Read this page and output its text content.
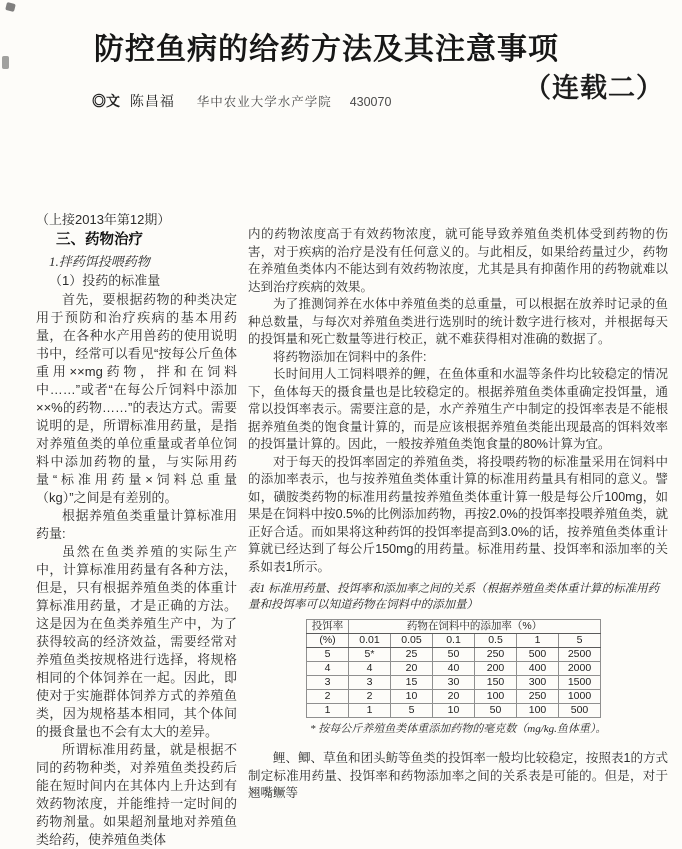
防控鱼病的给药方法及其注意事项
（连载二）
◎文 陈昌福 华中农业大学水产学院 430070

（上接2013年第12期）

三、药物治疗

1.拌药饵投喂药物

（1）投药的标准量

首先，要根据药物的种类决定用于预防和治疗疾病的基本用药量，在各种水产用兽药的使用说明书中，经常可以看见“按每公斤鱼体重用××mg药物，拌和在饲料中……”或者“在每公斤饲料中添加××%的药物……”的表达方式。需要说明的是，所谓标准用药量，是指对养殖鱼类的单位重量或者单位饲料中添加药物的量，与实际用药量“标准用药量×饲料总重量（kg）”之间是有差别的。

根据养殖鱼类重量计算标准用药量:

虽然在鱼类养殖的实际生产中，计算标准用药量有各种方法，但是，只有根据养殖鱼类的体重计算标准用药量，才是正确的方法。这是因为在鱼类养殖生产中，为了获得较高的经济效益，需要经常对养殖鱼类按规格进行选择，将规格相同的个体饲养在一起。因此，即使对于实施群体饲养方式的养殖鱼类，因为规格基本相同，其个体间的摄食量也不会有太大的差异。

所谓标准用药量，就是根据不同的药物种类，对养殖鱼类投药后能在短时间内在其体内上升达到有效药物浓度，并能维持一定时间的药物剂量。如果超剂量地对养殖鱼类给药，使养殖鱼类体

内的药物浓度高于有效药物浓度，就可能导致养殖鱼类机体受到药物的伤害，对于疾病的治疗是没有任何意义的。与此相反，如果给药量过少，药物在养殖鱼类体内不能达到有效药物浓度，尤其是具有抑菌作用的药物就难以达到治疗疾病的效果。

为了推测饲养在水体中养殖鱼类的总重量，可以根据在放养时记录的鱼种总数量，与每次对养殖鱼类进行选别时的统计数字进行核对，并根据每天的投饵量和死亡数量等进行校正，就不难获得相对准确的数据了。

将药物添加在饲料中的条件:

长时间用人工饲料喂养的鲤，在鱼体重和水温等条件均比较稳定的情况下，鱼体每天的摄食量也是比较稳定的。根据养殖鱼类体重确定投饵量，通常以投饵率表示。需要注意的是，水产养殖生产中制定的投饵率表是不能根据养殖鱼类的饱食量计算的，而是应该根据养殖鱼类能出现最高的饵料效率的投饵量计算的。因此，一般按养殖鱼类饱食量的80%计算为宜。

对于每天的投饵率固定的养殖鱼类，将投喂药物的标准量采用在饲料中的添加率表示，也与按养殖鱼类体重计算的标准用药量具有相同的意义。譬如，磺胺类药物的标准用药量按养殖鱼类体重计算一般是每公斤100mg，如果是在饲料中按0.5%的比例添加药物，再按2.0%的投饵率投喂养殖鱼类，就正好合适。而如果将这种药饵的投饵率提高到3.0%的话，按养殖鱼类体重计算就已经达到了每公斤150mg的用药量。标准用药量、投饵率和添加率的关系如表1所示。

表1 标准用药量、投饵率和添加率之间的关系（根据养殖鱼类体重计算的标准用药量和投饵率可以知道药物在饲料中的添加量）

投饵率	药物在饲料中的添加率（%）					
(%)	0.01	0.05	0.1	0.5	1	5
5	5*	25	50	250	500	2500
4	4	20	40	200	400	2000
3	3	15	30	150	300	1500
2	2	10	20	100	250	1000
1	1	5	10	50	100	500

* 按每公斤养殖鱼类体重添加药物的毫克数（mg/kg.鱼体重）。

鲤、鲫、草鱼和团头鲂等鱼类的投饵率一般均比较稳定，按照表1的方式制定标准用药量、投饵率和药物添加率之间的关系表是可能的。但是，对于翘嘴鳜等
